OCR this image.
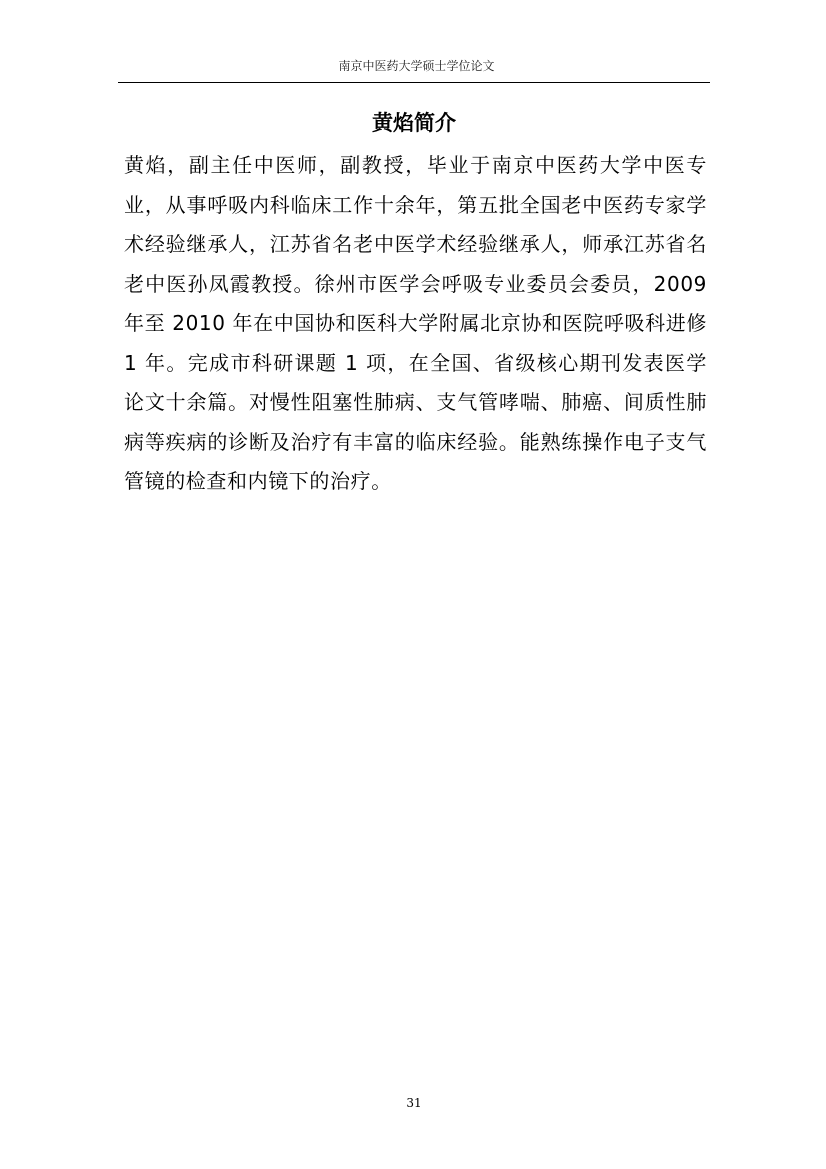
南京中医药大学硕士学位论文
黄焰简介

黄焰，副主任中医师，副教授，毕业于南京中医药大学中医专业，从事呼吸内科临床工作十余年，第五批全国老中医药专家学术经验继承人，江苏省名老中医学术经验继承人，师承江苏省名老中医孙凤霞教授。徐州市医学会呼吸专业委员会委员，2009 年至 2010 年在中国协和医科大学附属北京协和医院呼吸科进修 1 年。完成市科研课题 1 项，在全国、省级核心期刊发表医学论文十余篇。对慢性阻塞性肺病、支气管哮喘、肺癌、间质性肺病等疾病的诊断及治疗有丰富的临床经验。能熟练操作电子支气管镜的检查和内镜下的治疗。

31
